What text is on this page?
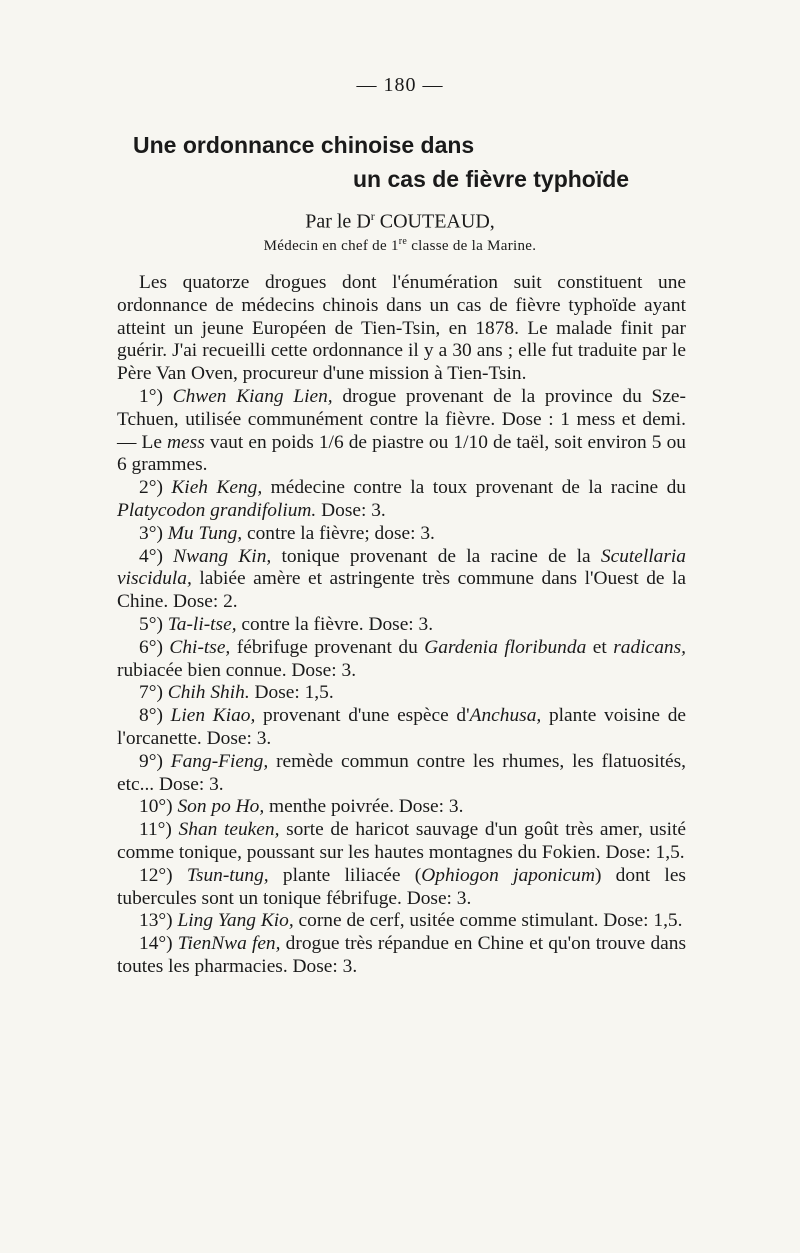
— 180 —
Une ordonnance chinoise dans
un cas de fièvre typhoïde
Par le $D^r$ COUTEAUD,
Médecin en chef de 1re classe de la Marine.

Les quatorze drogues dont l'énumération suit constituent une ordonnance de médecins chinois dans un cas de fièvre typhoïde ayant atteint un jeune Européen de Tien-Tsin, en 1878. Le malade finit par guérir. J'ai recueilli cette ordonnance il y a 30 ans ; elle fut traduite par le Père Van Oven, procureur d'une mission à Tien-Tsin.

1°) Chwen Kiang Lien, drogue provenant de la province du Sze-Tchuen, utilisée communément contre la fièvre. Dose : 1 mess et demi. — Le mess vaut en poids 1/6 de piastre ou 1/10 de taël, soit environ 5 ou 6 grammes.

2°) Kieh Keng, médecine contre la toux provenant de la racine du Platycodon grandifolium. Dose: 3.

3°) Mu Tung, contre la fièvre; dose: 3.

4°) Nwang Kin, tonique provenant de la racine de la Scutellaria viscidula, labiée amère et astringente très commune dans l'Ouest de la Chine. Dose: 2.

5°) Ta-li-tse, contre la fièvre. Dose: 3.

6°) Chi-tse, fébrifuge provenant du Gardenia floribunda et radicans, rubiacée bien connue. Dose: 3.

7°) Chih Shih. Dose: 1,5.

8°) Lien Kiao, provenant d'une espèce d'Anchusa, plante voisine de l'orcanette. Dose: 3.

9°) Fang-Fieng, remède commun contre les rhumes, les flatuosités, etc... Dose: 3.

10°) Son po Ho, menthe poivrée. Dose: 3.

11°) Shan teuken, sorte de haricot sauvage d'un goût très amer, usité comme tonique, poussant sur les hautes montagnes du Fokien. Dose: 1,5.

12°) Tsun-tung, plante liliacée (Ophiogon japonicum) dont les tubercules sont un tonique fébrifuge. Dose: 3.

13°) Ling Yang Kio, corne de cerf, usitée comme stimulant. Dose: 1,5.

14°) TienNwa fen, drogue très répandue en Chine et qu'on trouve dans toutes les pharmacies. Dose: 3.
